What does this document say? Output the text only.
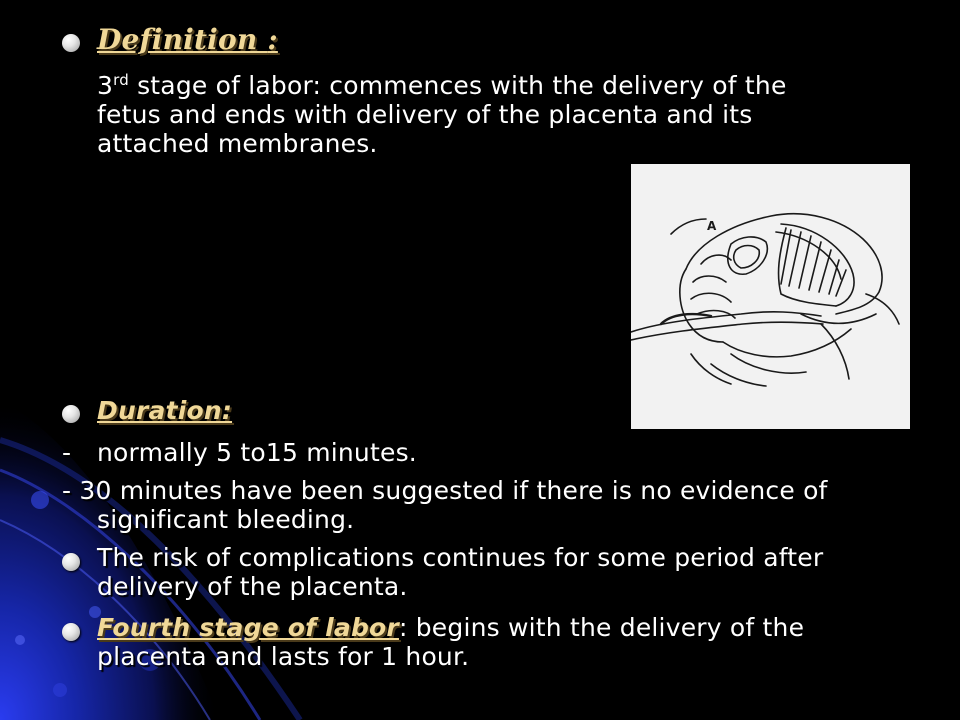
Definition :
3rd stage of labor: commences with the delivery of the
fetus and ends with delivery of the placenta and its
attached membranes.
A
Duration:
- normally 5 to15 minutes.
- 30 minutes have been suggested if there is no evidence of
significant bleeding.
The risk of complications continues for some period after
delivery of the placenta.
Fourth stage of labor: begins with the delivery of the
placenta and lasts for 1 hour.
